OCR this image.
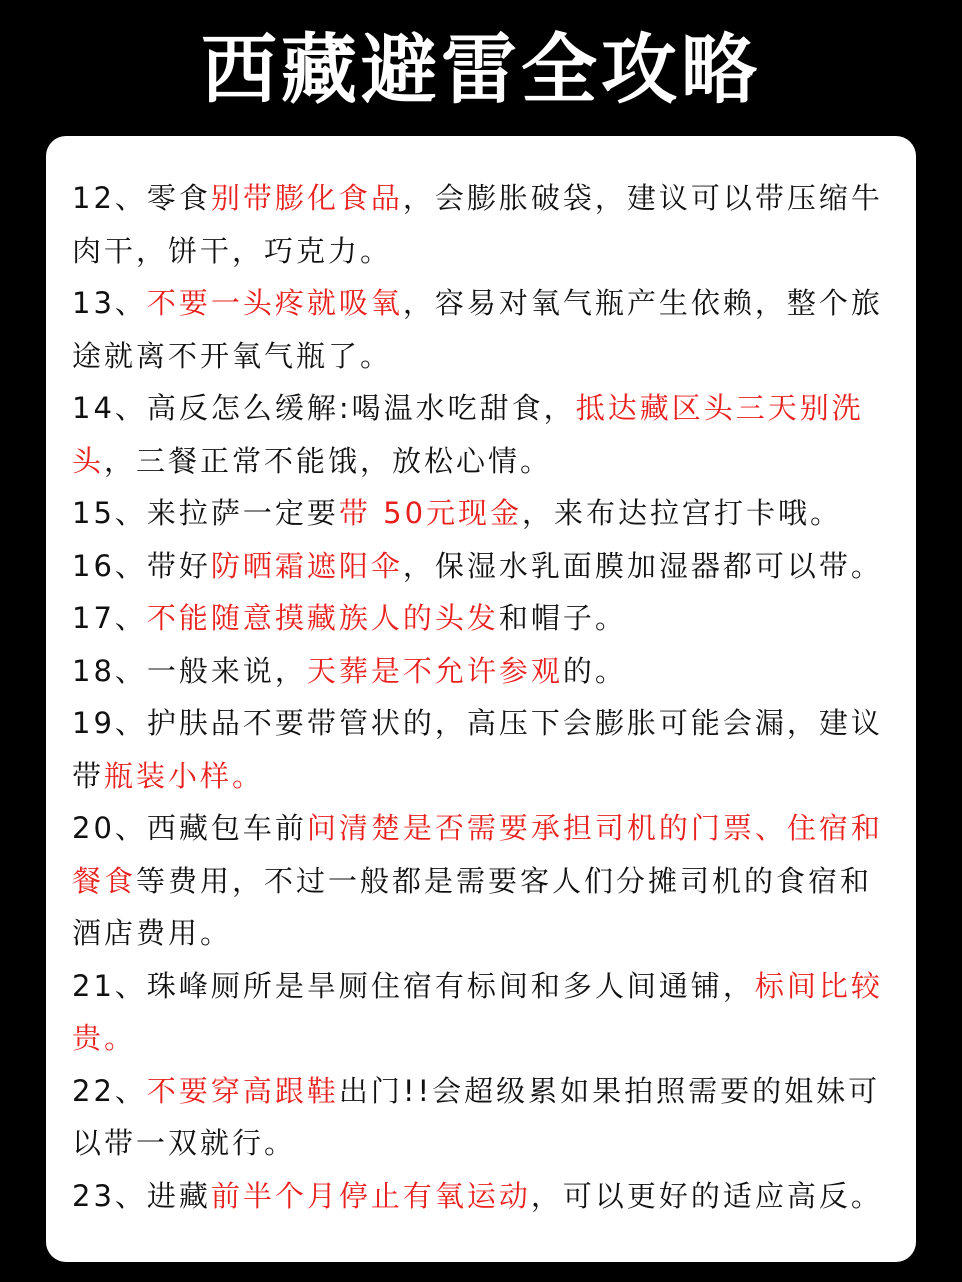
西藏避雷全攻略

12、零食别带膨化食品，会膨胀破袋，建议可以带压缩牛肉干，饼干，巧克力。

13、不要一头疼就吸氧，容易对氧气瓶产生依赖，整个旅途就离不开氧气瓶了。

14、高反怎么缓解:喝温水吃甜食，抵达藏区头三天别洗头，三餐正常不能饿，放松心情。

15、来拉萨一定要带 50元现金，来布达拉宫打卡哦。

16、带好防晒霜遮阳伞，保湿水乳面膜加湿器都可以带。

17、不能随意摸藏族人的头发和帽子。

18、一般来说，天葬是不允许参观的。

19、护肤品不要带管状的，高压下会膨胀可能会漏，建议带瓶装小样。

20、西藏包车前问清楚是否需要承担司机的门票、住宿和餐食等费用，不过一般都是需要客人们分摊司机的食宿和酒店费用。

21、珠峰厕所是旱厕住宿有标间和多人间通铺，标间比较贵。

22、不要穿高跟鞋出门!!会超级累如果拍照需要的姐妹可以带一双就行。

23、进藏前半个月停止有氧运动，可以更好的适应高反。
